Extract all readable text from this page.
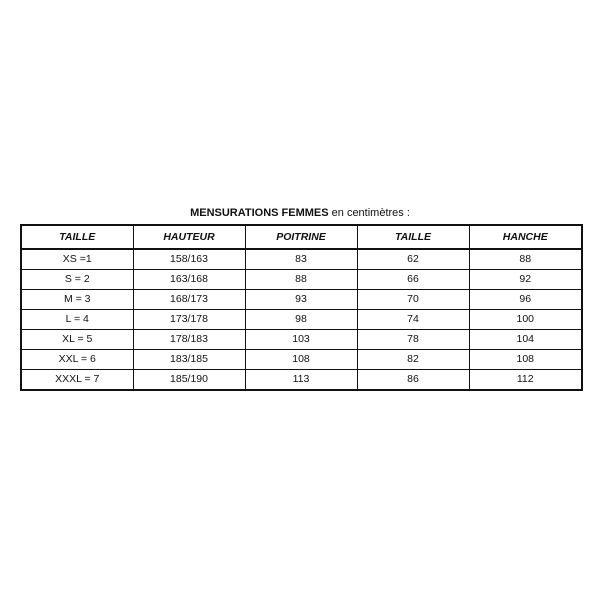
MENSURATIONS FEMMES en centimètres :
TAILLE	HAUTEUR	POITRINE	TAILLE	HANCHE
XS =1	158/163	83	62	88
S = 2	163/168	88	66	92
M = 3	168/173	93	70	96
L = 4	173/178	98	74	100
XL = 5	178/183	103	78	104
XXL = 6	183/185	108	82	108
XXXL = 7	185/190	113	86	112
